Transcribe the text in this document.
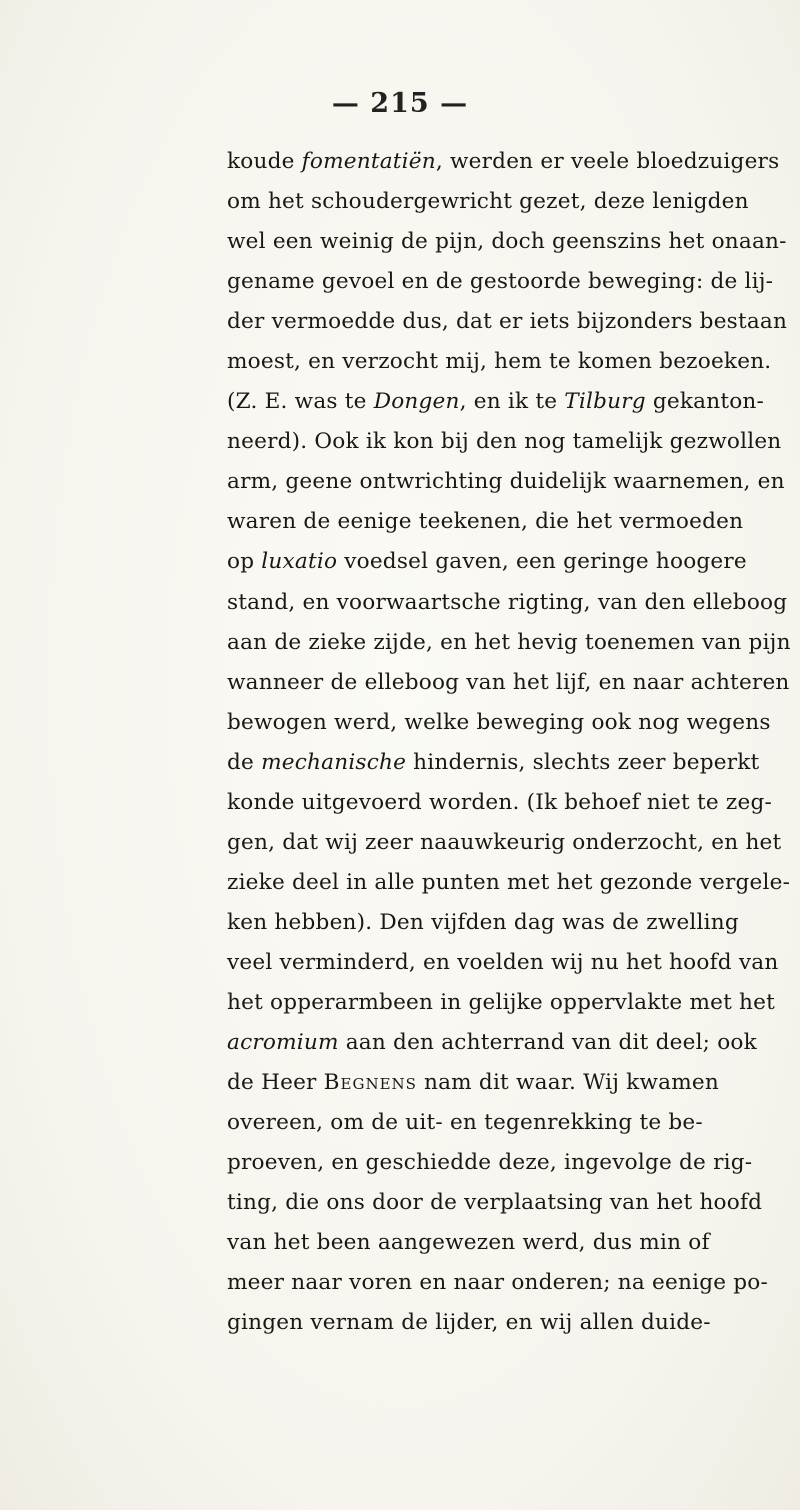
— 215 —
koude fomentatiën, werden er veele bloedzuigers
om het schoudergewricht gezet, deze lenigden
wel een weinig de pijn, doch geenszins het onaan-
gename gevoel en de gestoorde beweging: de lij-
der vermoedde dus, dat er iets bijzonders bestaan
moest, en verzocht mij, hem te komen bezoeken.
(Z. E. was te Dongen, en ik te Tilburg gekanton-
neerd). Ook ik kon bij den nog tamelijk gezwollen
arm, geene ontwrichting duidelijk waarnemen, en
waren de eenige teekenen, die het vermoeden
op luxatio voedsel gaven, een geringe hoogere
stand, en voorwaartsche rigting, van den elleboog
aan de zieke zijde, en het hevig toenemen van pijn
wanneer de elleboog van het lijf, en naar achteren
bewogen werd, welke beweging ook nog wegens
de mechanische hindernis, slechts zeer beperkt
konde uitgevoerd worden. (Ik behoef niet te zeg-
gen, dat wij zeer naauwkeurig onderzocht, en het
zieke deel in alle punten met het gezonde vergele-
ken hebben). Den vijfden dag was de zwelling
veel verminderd, en voelden wij nu het hoofd van
het opperarmbeen in gelijke oppervlakte met het
acromium aan den achterrand van dit deel; ook
de Heer Begnens nam dit waar. Wij kwamen
overeen, om de uit- en tegenrekking te be-
proeven, en geschiedde deze, ingevolge de rig-
ting, die ons door de verplaatsing van het hoofd
van het been aangewezen werd, dus min of
meer naar voren en naar onderen; na eenige po-
gingen vernam de lijder, en wij allen duide-
